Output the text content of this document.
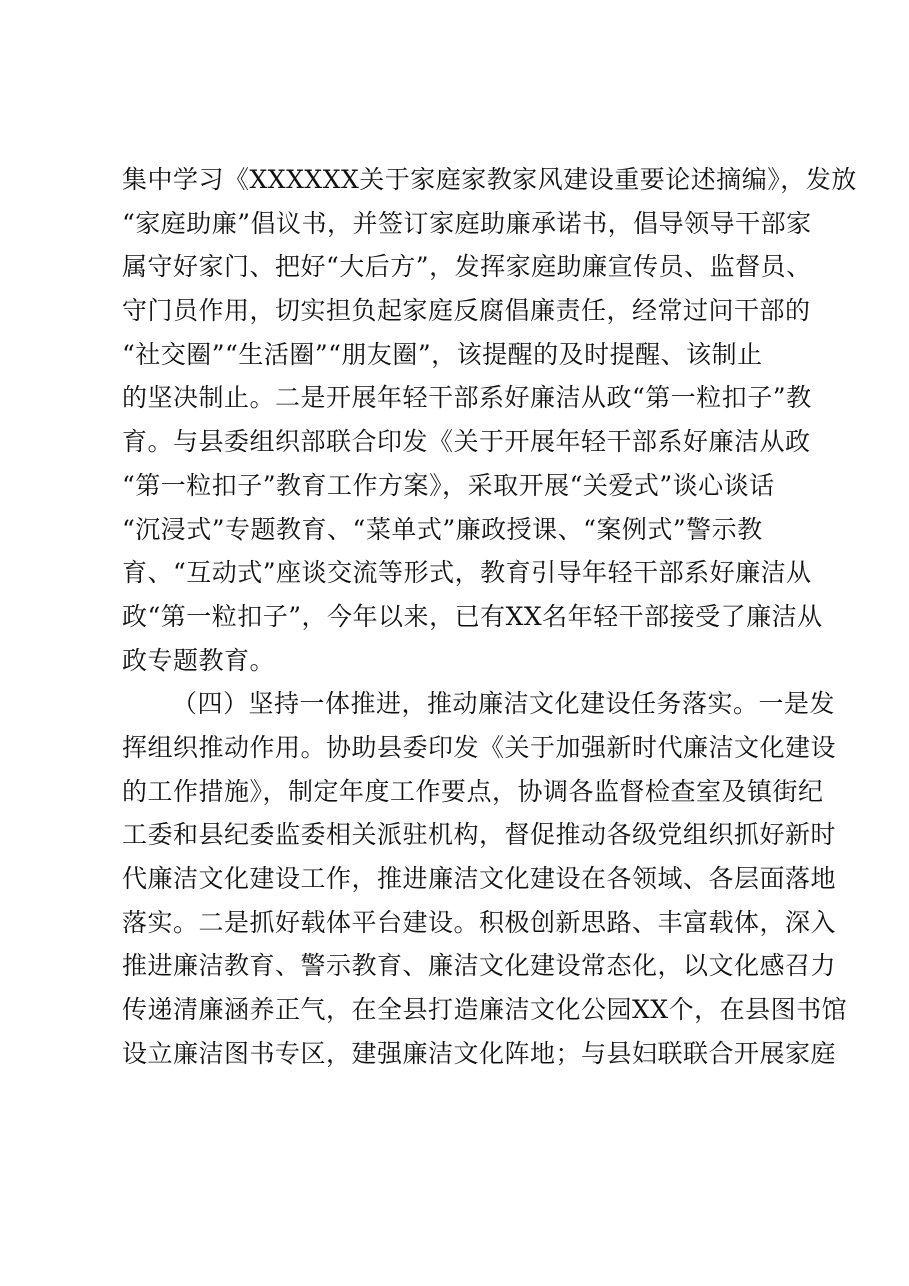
集中学习《XXXXXX关于家庭家教家风建设重要论述摘编》，发放
“家庭助廉”倡议书，并签订家庭助廉承诺书，倡导领导干部家
属守好家门、把好“大后方”，发挥家庭助廉宣传员、监督员、
守门员作用，切实担负起家庭反腐倡廉责任，经常过问干部的
“社交圈”“生活圈”“朋友圈”，该提醒的及时提醒、该制止
的坚决制止。二是开展年轻干部系好廉洁从政“第一粒扣子”教
育。与县委组织部联合印发《关于开展年轻干部系好廉洁从政
“第一粒扣子”教育工作方案》，采取开展“关爱式”谈心谈话
“沉浸式”专题教育、“菜单式”廉政授课、“案例式”警示教
育、“互动式”座谈交流等形式，教育引导年轻干部系好廉洁从
政“第一粒扣子”，今年以来，已有XX名年轻干部接受了廉洁从
政专题教育。
（四）坚持一体推进，推动廉洁文化建设任务落实。一是发
挥组织推动作用。协助县委印发《关于加强新时代廉洁文化建设
的工作措施》，制定年度工作要点，协调各监督检查室及镇街纪
工委和县纪委监委相关派驻机构，督促推动各级党组织抓好新时
代廉洁文化建设工作，推进廉洁文化建设在各领域、各层面落地
落实。二是抓好载体平台建设。积极创新思路、丰富载体，深入
推进廉洁教育、警示教育、廉洁文化建设常态化，以文化感召力
传递清廉涵养正气，在全县打造廉洁文化公园XX个，在县图书馆
设立廉洁图书专区，建强廉洁文化阵地；与县妇联联合开展家庭
